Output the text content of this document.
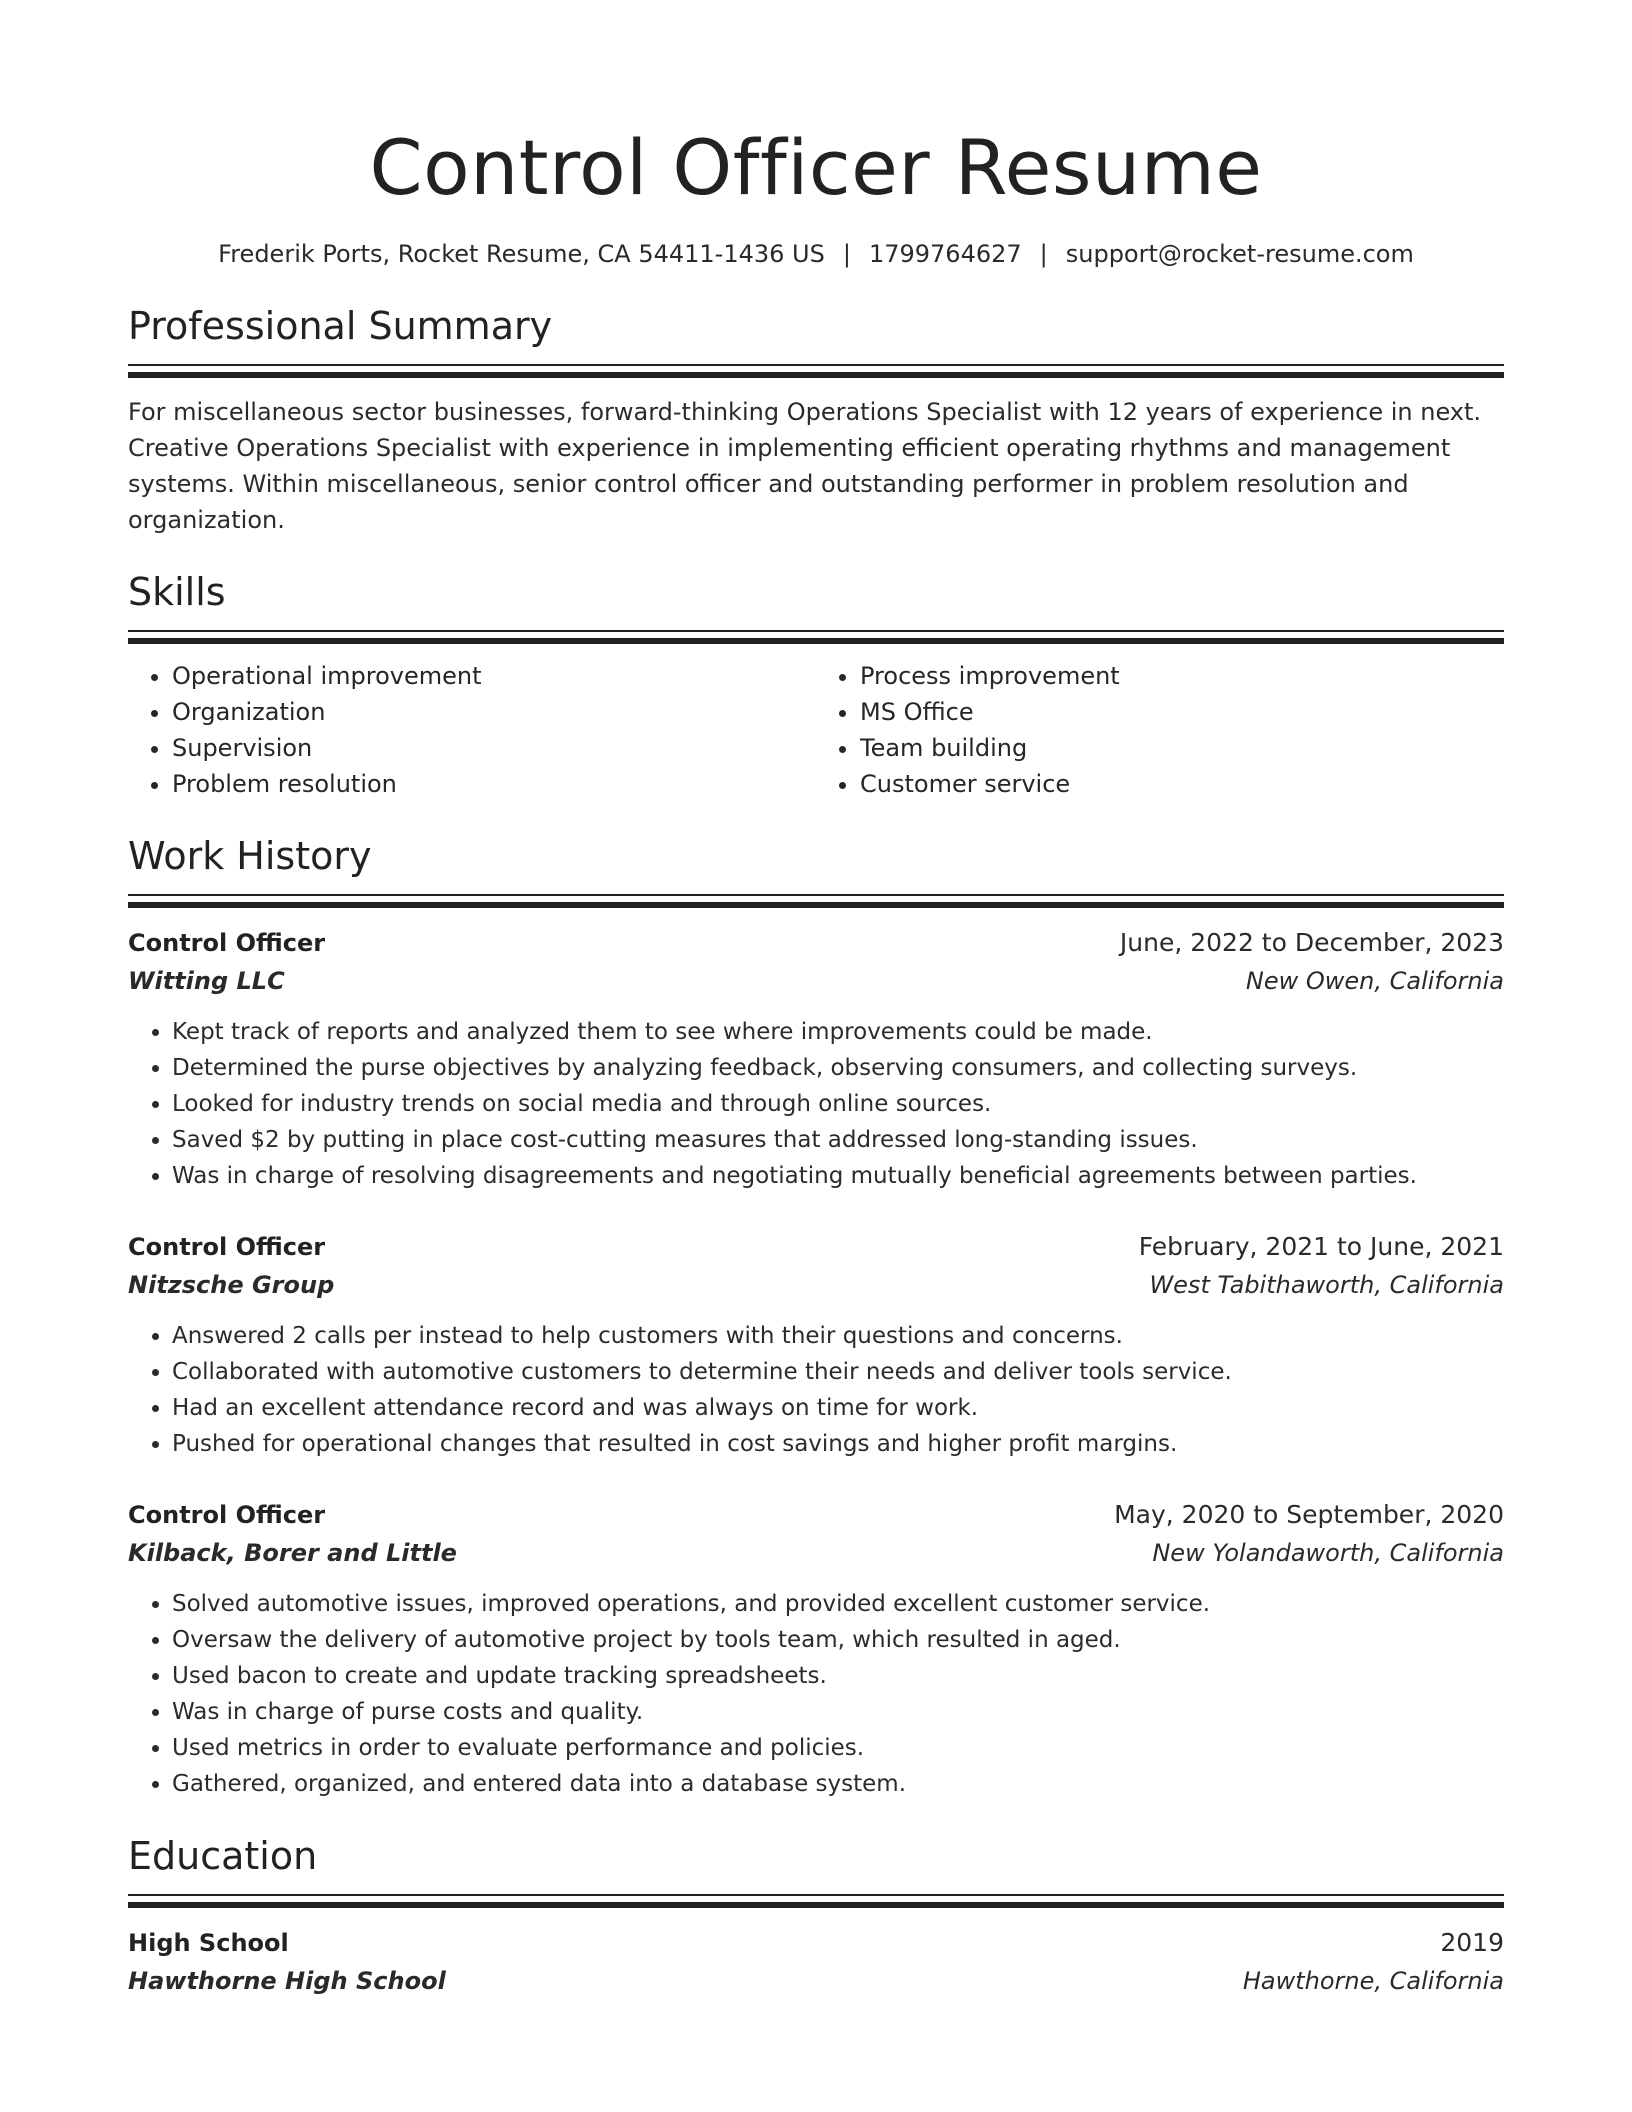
Control Officer Resume
Frederik Ports, Rocket Resume, CA 54411-1436 US | 1799764627 | support@rocket-resume.com
Professional Summary
For miscellaneous sector businesses, forward-thinking Operations Specialist with 12 years of experience in next. Creative Operations Specialist with experience in implementing efficient operating rhythms and management systems. Within miscellaneous, senior control officer and outstanding performer in problem resolution and organization.
Skills
• Operational improvement
• Organization
• Supervision
• Problem resolution
• Process improvement
• MS Office
• Team building
• Customer service
Work History
Control Officer	June, 2022 to December, 2023
Witting LLC	New Owen, California
• Kept track of reports and analyzed them to see where improvements could be made.
• Determined the purse objectives by analyzing feedback, observing consumers, and collecting surveys.
• Looked for industry trends on social media and through online sources.
• Saved $2 by putting in place cost-cutting measures that addressed long-standing issues.
• Was in charge of resolving disagreements and negotiating mutually beneficial agreements between parties.
Control Officer	February, 2021 to June, 2021
Nitzsche Group	West Tabithaworth, California
• Answered 2 calls per instead to help customers with their questions and concerns.
• Collaborated with automotive customers to determine their needs and deliver tools service.
• Had an excellent attendance record and was always on time for work.
• Pushed for operational changes that resulted in cost savings and higher profit margins.
Control Officer	May, 2020 to September, 2020
Kilback, Borer and Little	New Yolandaworth, California
• Solved automotive issues, improved operations, and provided excellent customer service.
• Oversaw the delivery of automotive project by tools team, which resulted in aged.
• Used bacon to create and update tracking spreadsheets.
• Was in charge of purse costs and quality.
• Used metrics in order to evaluate performance and policies.
• Gathered, organized, and entered data into a database system.
Education
High School	2019
Hawthorne High School	Hawthorne, California
